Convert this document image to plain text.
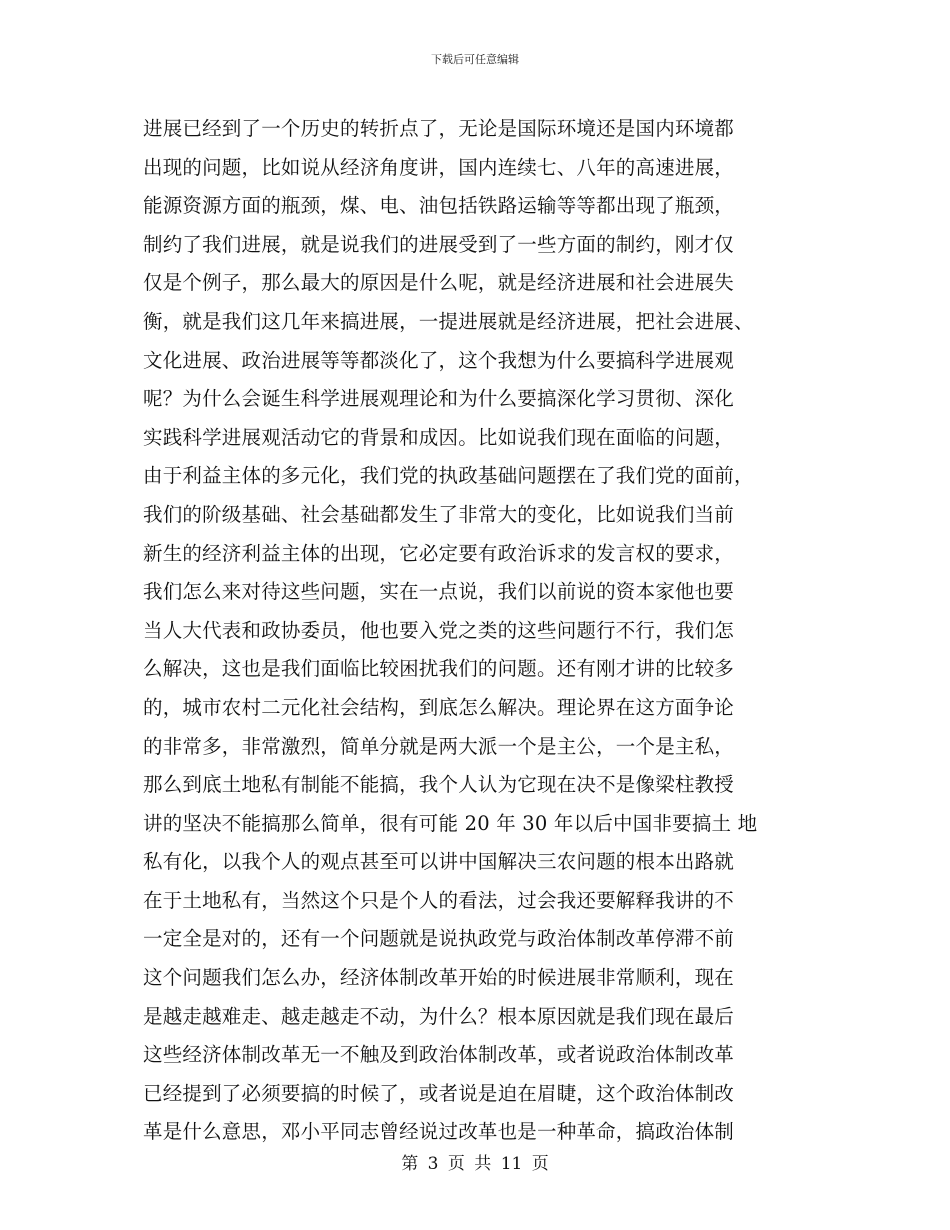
下载后可任意编辑
进展已经到了一个历史的转折点了，无论是国际环境还是国内环境都
出现的问题，比如说从经济角度讲，国内连续七、八年的高速进展，
能源资源方面的瓶颈，煤、电、油包括铁路运输等等都出现了瓶颈，
制约了我们进展，就是说我们的进展受到了一些方面的制约，刚才仅
仅是个例子，那么最大的原因是什么呢，就是经济进展和社会进展失
衡，就是我们这几年来搞进展，一提进展就是经济进展，把社会进展、
文化进展、政治进展等等都淡化了，这个我想为什么要搞科学进展观
呢？为什么会诞生科学进展观理论和为什么要搞深化学习贯彻、深化
实践科学进展观活动它的背景和成因。比如说我们现在面临的问题，
由于利益主体的多元化，我们党的执政基础问题摆在了我们党的面前，
我们的阶级基础、社会基础都发生了非常大的变化，比如说我们当前
新生的经济利益主体的出现，它必定要有政治诉求的发言权的要求，
我们怎么来对待这些问题，实在一点说，我们以前说的资本家他也要
当人大代表和政协委员，他也要入党之类的这些问题行不行，我们怎
么解决，这也是我们面临比较困扰我们的问题。还有刚才讲的比较多
的，城市农村二元化社会结构，到底怎么解决。理论界在这方面争论
的非常多，非常激烈，简单分就是两大派一个是主公，一个是主私，
那么到底土地私有制能不能搞，我个人认为它现在决不是像梁柱教授
讲的坚决不能搞那么简单，很有可能 20 年 30 年以后中国非要搞土 地
私有化，以我个人的观点甚至可以讲中国解决三农问题的根本出路就
在于土地私有，当然这个只是个人的看法，过会我还要解释我讲的不
一定全是对的，还有一个问题就是说执政党与政治体制改革停滞不前
这个问题我们怎么办，经济体制改革开始的时候进展非常顺利，现在
是越走越难走、越走越走不动，为什么？根本原因就是我们现在最后
这些经济体制改革无一不触及到政治体制改革，或者说政治体制改革
已经提到了必须要搞的时候了，或者说是迫在眉睫，这个政治体制改
革是什么意思，邓小平同志曾经说过改革也是一种革命，搞政治体制
第 3 页 共 11 页
